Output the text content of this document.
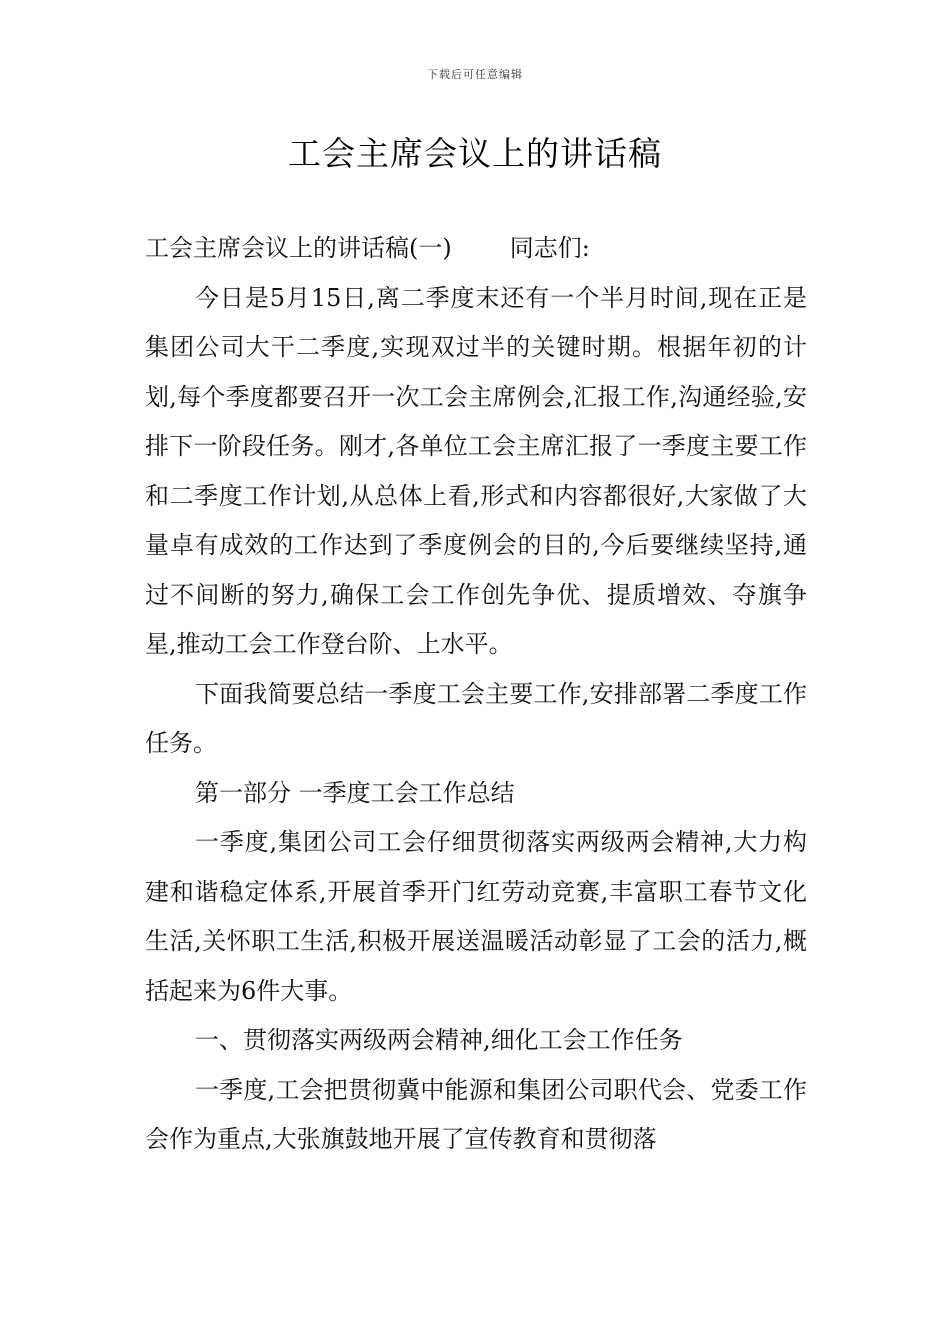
下载后可任意编辑
工会主席会议上的讲话稿

工会主席会议上的讲话稿(一) 同志们:

今日是5月15日,离二季度末还有一个半月时间,现在正是集团公司大干二季度,实现双过半的关键时期。根据年初的计划,每个季度都要召开一次工会主席例会,汇报工作,沟通经验,安排下一阶段任务。刚才,各单位工会主席汇报了一季度主要工作和二季度工作计划,从总体上看,形式和内容都很好,大家做了大量卓有成效的工作达到了季度例会的目的,今后要继续坚持,通过不间断的努力,确保工会工作创先争优、提质增效、夺旗争星,推动工会工作登台阶、上水平。

下面我简要总结一季度工会主要工作,安排部署二季度工作任务。

第一部分 一季度工会工作总结

一季度,集团公司工会仔细贯彻落实两级两会精神,大力构建和谐稳定体系,开展首季开门红劳动竞赛,丰富职工春节文化生活,关怀职工生活,积极开展送温暖活动彰显了工会的活力,概括起来为6件大事。

一、贯彻落实两级两会精神,细化工会工作任务

一季度,工会把贯彻冀中能源和集团公司职代会、党委工作会作为重点,大张旗鼓地开展了宣传教育和贯彻落
